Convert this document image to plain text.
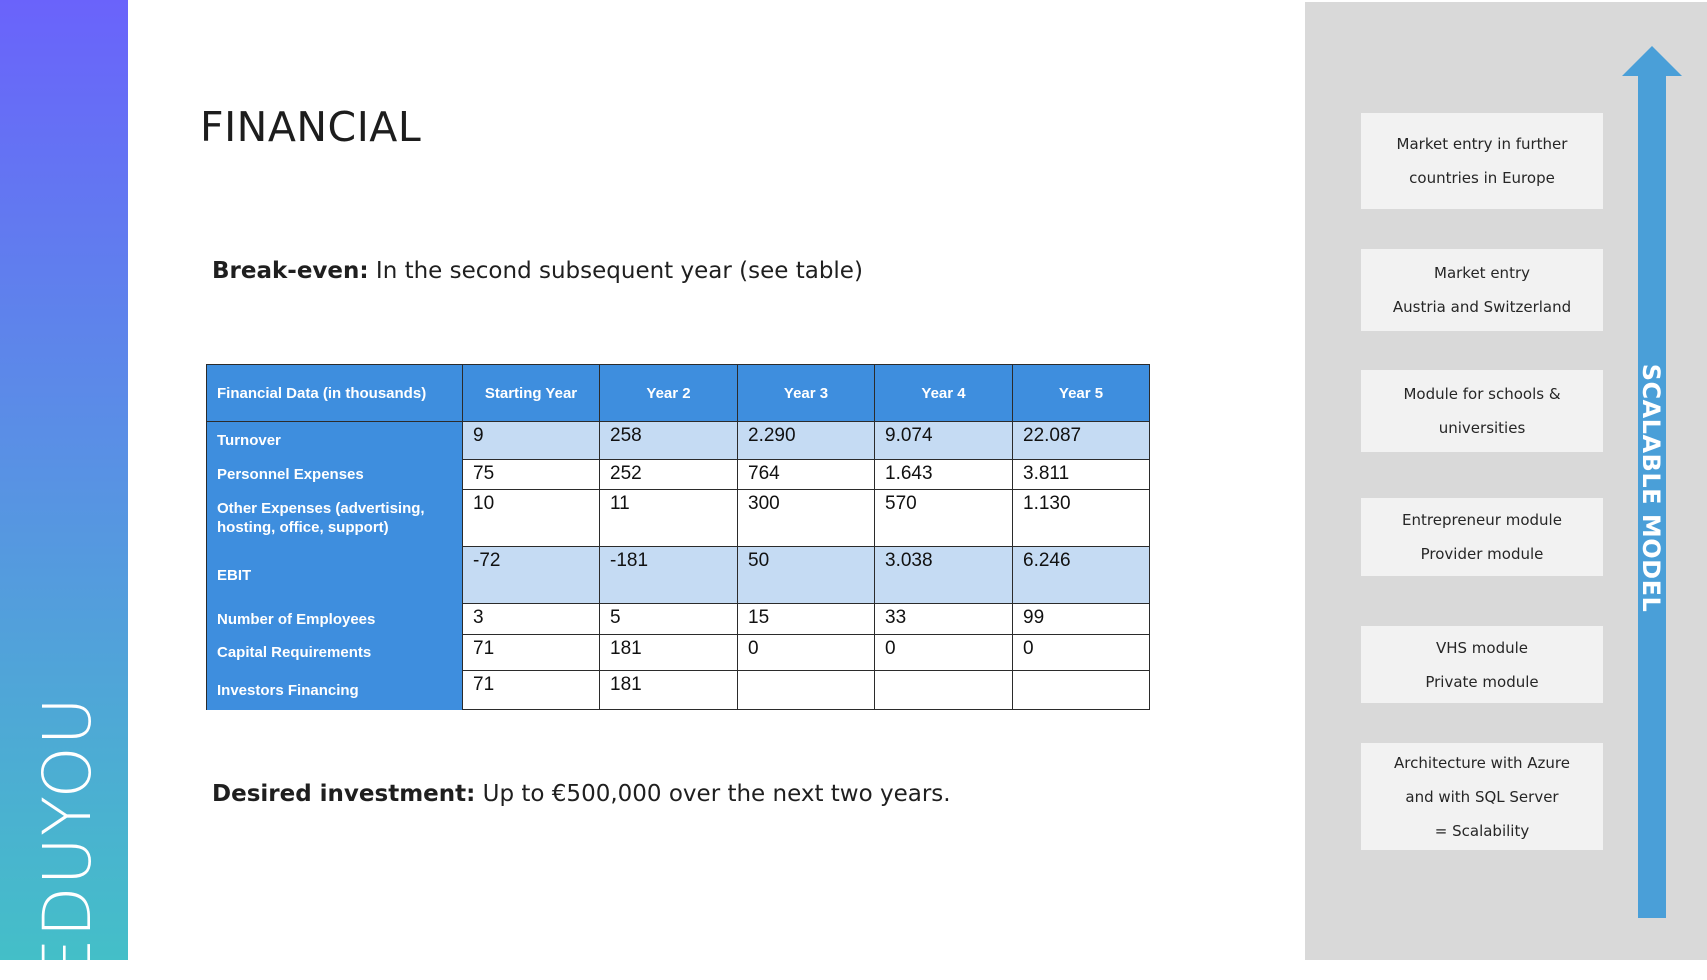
EDUYOU
FINANCIAL
Break-even: In the second subsequent year (see table)
Financial Data (in thousands)	Starting Year	Year 2	Year 3	Year 4	Year 5
Turnover	9	258	2.290	9.074	22.087
Personnel Expenses	75	252	764	1.643	3.811
Other Expenses (advertising, hosting, office, support)	10	11	300	570	1.130
EBIT	-72	-181	50	3.038	6.246
Number of Employees	3	5	15	33	99
Capital Requirements	71	181	0	0	0
Investors Financing	71	181			
Desired investment: Up to €500,000 over the next two years.
Market entry in further
countries in Europe
Market entry
Austria and Switzerland
Module for schools &
universities
Entrepreneur module
Provider module
VHS module
Private module
Architecture with Azure
and with SQL Server
= Scalability
SCALABLE MODEL
